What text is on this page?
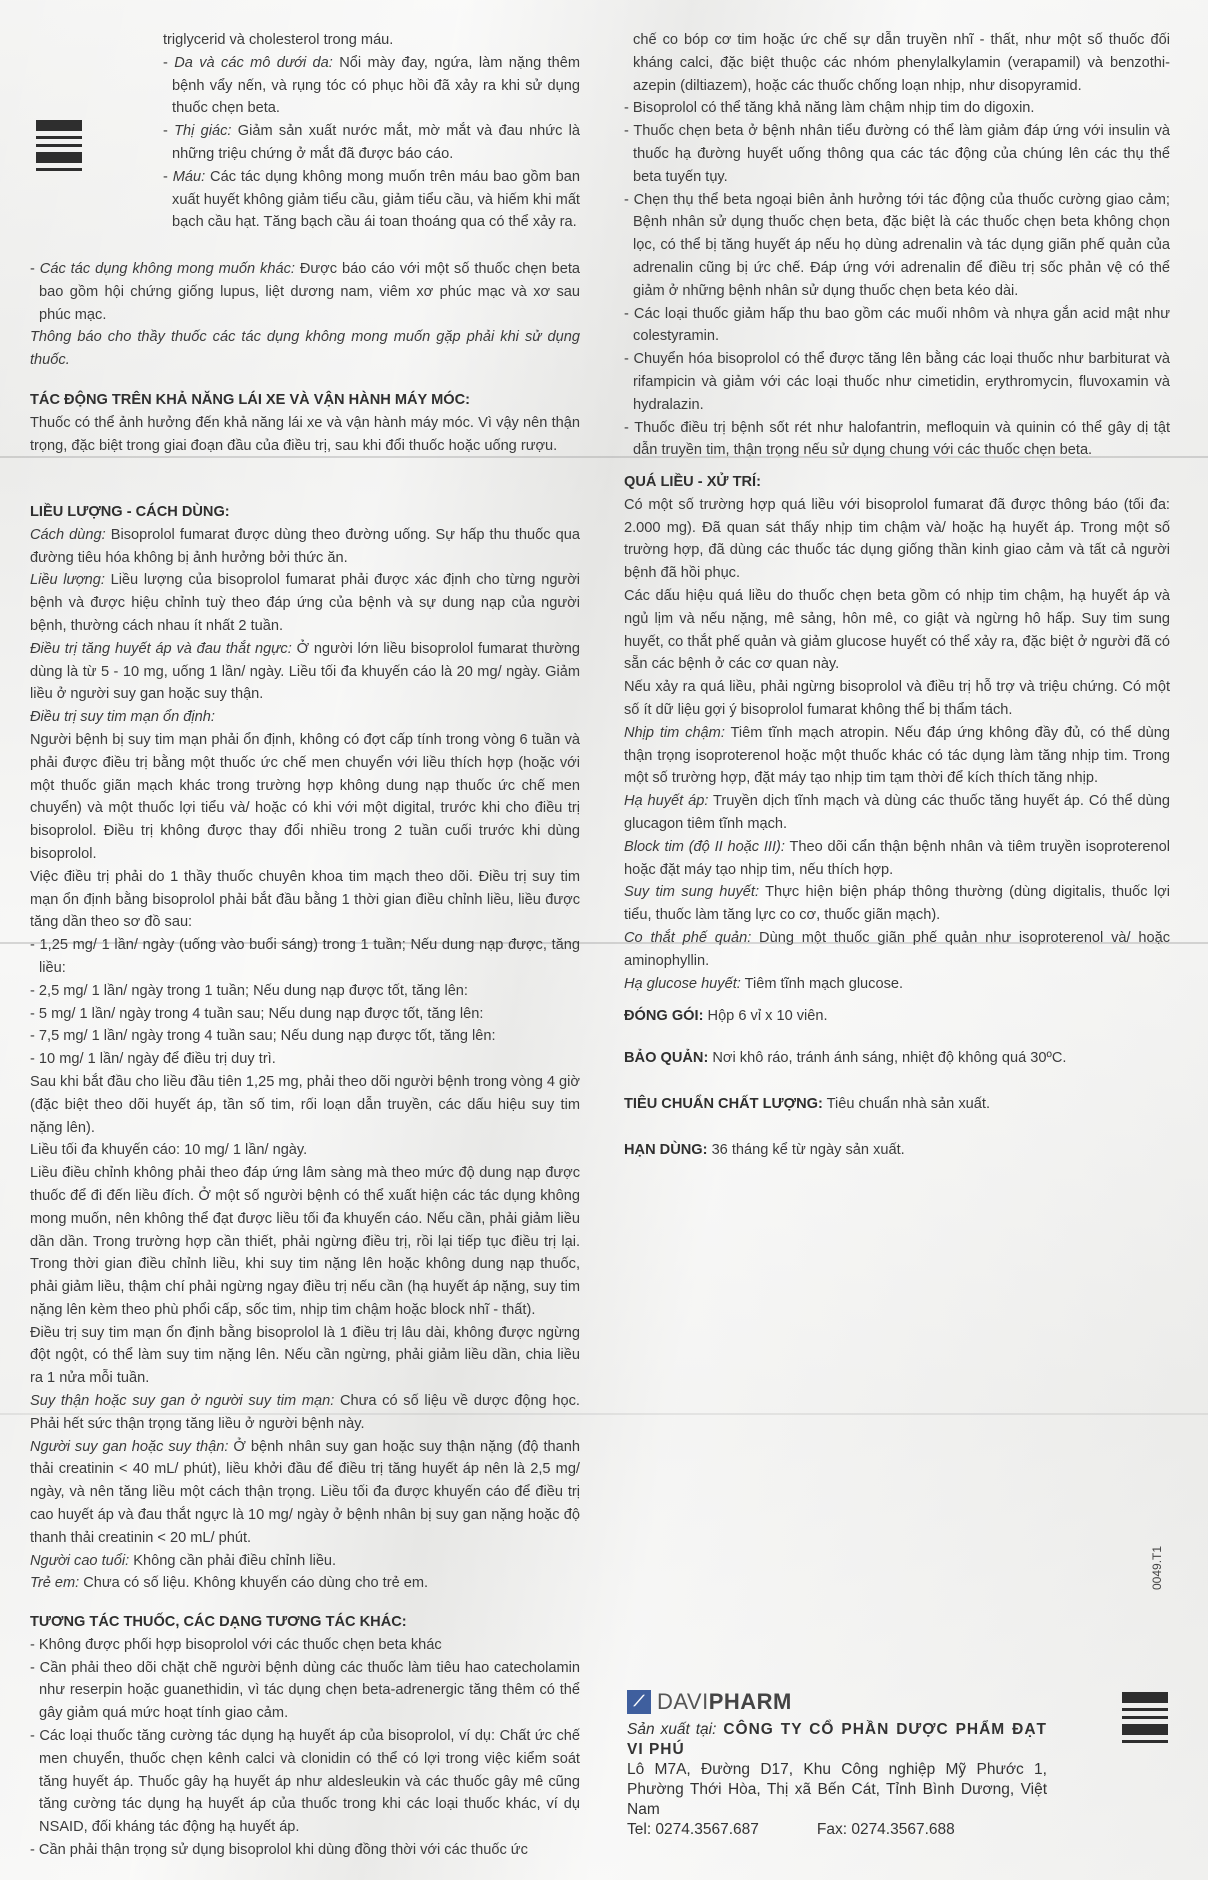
triglycerid và cholesterol trong máu.

- Da và các mô dưới da: Nổi mày đay, ngứa, làm nặng thêm bệnh vẩy nến, và rụng tóc có phục hồi đã xảy ra khi sử dụng thuốc chẹn beta.

- Thị giác: Giảm sản xuất nước mắt, mờ mắt và đau nhức là những triệu chứng ở mắt đã được báo cáo.

- Máu: Các tác dụng không mong muốn trên máu bao gồm ban xuất huyết không giảm tiểu cầu, giảm tiểu cầu, và hiếm khi mất bạch cầu hạt. Tăng bạch cầu ái toan thoáng qua có thể xảy ra.

- Các tác dụng không mong muốn khác: Được báo cáo với một số thuốc chẹn beta bao gồm hội chứng giống lupus, liệt dương nam, viêm xơ phúc mạc và xơ sau phúc mạc.

Thông báo cho thầy thuốc các tác dụng không mong muốn gặp phải khi sử dụng thuốc.

TÁC ĐỘNG TRÊN KHẢ NĂNG LÁI XE VÀ VẬN HÀNH MÁY MÓC:

Thuốc có thể ảnh hưởng đến khả năng lái xe và vận hành máy móc. Vì vậy nên thận trọng, đặc biệt trong giai đoạn đầu của điều trị, sau khi đổi thuốc hoặc uống rượu.

LIỀU LƯỢNG - CÁCH DÙNG:

Cách dùng: Bisoprolol fumarat được dùng theo đường uống. Sự hấp thu thuốc qua đường tiêu hóa không bị ảnh hưởng bởi thức ăn.

Liều lượng: Liều lượng của bisoprolol fumarat phải được xác định cho từng người bệnh và được hiệu chỉnh tuỳ theo đáp ứng của bệnh và sự dung nạp của người bệnh, thường cách nhau ít nhất 2 tuần.

Điều trị tăng huyết áp và đau thắt ngực: Ở người lớn liều bisoprolol fumarat thường dùng là từ 5 - 10 mg, uống 1 lần/ ngày. Liều tối đa khuyến cáo là 20 mg/ ngày. Giảm liều ở người suy gan hoặc suy thận.

Điều trị suy tim mạn ổn định:

Người bệnh bị suy tim mạn phải ổn định, không có đợt cấp tính trong vòng 6 tuần và phải được điều trị bằng một thuốc ức chế men chuyển với liều thích hợp (hoặc với một thuốc giãn mạch khác trong trường hợp không dung nạp thuốc ức chế men chuyển) và một thuốc lợi tiểu và/ hoặc có khi với một digital, trước khi cho điều trị bisoprolol. Điều trị không được thay đổi nhiều trong 2 tuần cuối trước khi dùng bisoprolol.

Việc điều trị phải do 1 thầy thuốc chuyên khoa tim mạch theo dõi. Điều trị suy tim mạn ổn định bằng bisoprolol phải bắt đầu bằng 1 thời gian điều chỉnh liều, liều được tăng dần theo sơ đồ sau:

- 1,25 mg/ 1 lần/ ngày (uống vào buổi sáng) trong 1 tuần; Nếu dung nạp được, tăng liều:

- 2,5 mg/ 1 lần/ ngày trong 1 tuần; Nếu dung nạp được tốt, tăng lên:

- 5 mg/ 1 lần/ ngày trong 4 tuần sau; Nếu dung nạp được tốt, tăng lên:

- 7,5 mg/ 1 lần/ ngày trong 4 tuần sau; Nếu dung nạp được tốt, tăng lên:

- 10 mg/ 1 lần/ ngày để điều trị duy trì.

Sau khi bắt đầu cho liều đầu tiên 1,25 mg, phải theo dõi người bệnh trong vòng 4 giờ (đặc biệt theo dõi huyết áp, tần số tim, rối loạn dẫn truyền, các dấu hiệu suy tim nặng lên).

Liều tối đa khuyến cáo: 10 mg/ 1 lần/ ngày.

Liều điều chỉnh không phải theo đáp ứng lâm sàng mà theo mức độ dung nạp được thuốc để đi đến liều đích. Ở một số người bệnh có thể xuất hiện các tác dụng không mong muốn, nên không thể đạt được liều tối đa khuyến cáo. Nếu cần, phải giảm liều dần dần. Trong trường hợp cần thiết, phải ngừng điều trị, rồi lại tiếp tục điều trị lại. Trong thời gian điều chỉnh liều, khi suy tim nặng lên hoặc không dung nạp thuốc, phải giảm liều, thậm chí phải ngừng ngay điều trị nếu cần (hạ huyết áp nặng, suy tim nặng lên kèm theo phù phổi cấp, sốc tim, nhịp tim chậm hoặc block nhĩ - thất).

Điều trị suy tim mạn ổn định bằng bisoprolol là 1 điều trị lâu dài, không được ngừng đột ngột, có thể làm suy tim nặng lên. Nếu cần ngừng, phải giảm liều dần, chia liều ra 1 nửa mỗi tuần.

Suy thận hoặc suy gan ở người suy tim mạn: Chưa có số liệu về dược động học. Phải hết sức thận trọng tăng liều ở người bệnh này.

Người suy gan hoặc suy thận: Ở bệnh nhân suy gan hoặc suy thận nặng (độ thanh thải creatinin < 40 mL/ phút), liều khởi đầu để điều trị tăng huyết áp nên là 2,5 mg/ ngày, và nên tăng liều một cách thận trọng. Liều tối đa được khuyến cáo để điều trị cao huyết áp và đau thắt ngực là 10 mg/ ngày ở bệnh nhân bị suy gan nặng hoặc độ thanh thải creatinin < 20 mL/ phút.

Người cao tuổi: Không cần phải điều chỉnh liều.

Trẻ em: Chưa có số liệu. Không khuyến cáo dùng cho trẻ em.

TƯƠNG TÁC THUỐC, CÁC DẠNG TƯƠNG TÁC KHÁC:

- Không được phối hợp bisoprolol với các thuốc chẹn beta khác

- Cần phải theo dõi chặt chẽ người bệnh dùng các thuốc làm tiêu hao catecholamin như reserpin hoặc guanethidin, vì tác dụng chẹn beta-adrenergic tăng thêm có thể gây giảm quá mức hoạt tính giao cảm.

- Các loại thuốc tăng cường tác dụng hạ huyết áp của bisoprolol, ví dụ: Chất ức chế men chuyển, thuốc chẹn kênh calci và clonidin có thể có lợi trong việc kiểm soát tăng huyết áp. Thuốc gây hạ huyết áp như aldesleukin và các thuốc gây mê cũng tăng cường tác dụng hạ huyết áp của thuốc trong khi các loại thuốc khác, ví dụ NSAID, đối kháng tác động hạ huyết áp.

- Cần phải thận trọng sử dụng bisoprolol khi dùng đồng thời với các thuốc ức

chế co bóp cơ tim hoặc ức chế sự dẫn truyền nhĩ - thất, như một số thuốc đối kháng calci, đặc biệt thuộc các nhóm phenylalkylamin (verapamil) và benzothi-azepin (diltiazem), hoặc các thuốc chống loạn nhịp, như disopyramid.

- Bisoprolol có thể tăng khả năng làm chậm nhịp tim do digoxin.

- Thuốc chẹn beta ở bệnh nhân tiểu đường có thể làm giảm đáp ứng với insulin và thuốc hạ đường huyết uống thông qua các tác động của chúng lên các thụ thể beta tuyến tụy.

- Chẹn thụ thể beta ngoại biên ảnh hưởng tới tác động của thuốc cường giao cảm; Bệnh nhân sử dụng thuốc chẹn beta, đặc biệt là các thuốc chẹn beta không chọn lọc, có thể bị tăng huyết áp nếu họ dùng adrenalin và tác dụng giãn phế quản của adrenalin cũng bị ức chế. Đáp ứng với adrenalin để điều trị sốc phản vệ có thể giảm ở những bệnh nhân sử dụng thuốc chẹn beta kéo dài.

- Các loại thuốc giảm hấp thu bao gồm các muối nhôm và nhựa gắn acid mật như colestyramin.

- Chuyển hóa bisoprolol có thể được tăng lên bằng các loại thuốc như barbiturat và rifampicin và giảm với các loại thuốc như cimetidin, erythromycin, fluvoxamin và hydralazin.

- Thuốc điều trị bệnh sốt rét như halofantrin, mefloquin và quinin có thể gây dị tật dẫn truyền tim, thận trọng nếu sử dụng chung với các thuốc chẹn beta.

QUÁ LIỀU - XỬ TRÍ:

Có một số trường hợp quá liều với bisoprolol fumarat đã được thông báo (tối đa: 2.000 mg). Đã quan sát thấy nhịp tim chậm và/ hoặc hạ huyết áp. Trong một số trường hợp, đã dùng các thuốc tác dụng giống thần kinh giao cảm và tất cả người bệnh đã hồi phục.

Các dấu hiệu quá liều do thuốc chẹn beta gồm có nhịp tim chậm, hạ huyết áp và ngủ lịm và nếu nặng, mê sảng, hôn mê, co giật và ngừng hô hấp. Suy tim sung huyết, co thắt phế quản và giảm glucose huyết có thể xảy ra, đặc biệt ở người đã có sẵn các bệnh ở các cơ quan này.

Nếu xảy ra quá liều, phải ngừng bisoprolol và điều trị hỗ trợ và triệu chứng. Có một số ít dữ liệu gợi ý bisoprolol fumarat không thể bị thẩm tách.

Nhịp tim chậm: Tiêm tĩnh mạch atropin. Nếu đáp ứng không đầy đủ, có thể dùng thận trọng isoproterenol hoặc một thuốc khác có tác dụng làm tăng nhịp tim. Trong một số trường hợp, đặt máy tạo nhịp tim tạm thời để kích thích tăng nhịp.

Hạ huyết áp: Truyền dịch tĩnh mạch và dùng các thuốc tăng huyết áp. Có thể dùng glucagon tiêm tĩnh mạch.

Block tim (độ II hoặc III): Theo dõi cẩn thận bệnh nhân và tiêm truyền isoproterenol hoặc đặt máy tạo nhịp tim, nếu thích hợp.

Suy tim sung huyết: Thực hiện biện pháp thông thường (dùng digitalis, thuốc lợi tiểu, thuốc làm tăng lực co cơ, thuốc giãn mạch).

Co thắt phế quản: Dùng một thuốc giãn phế quản như isoproterenol và/ hoặc aminophyllin.

Hạ glucose huyết: Tiêm tĩnh mạch glucose.

ĐÓNG GÓI: Hộp 6 vỉ x 10 viên.
BẢO QUẢN: Nơi khô ráo, tránh ánh sáng, nhiệt độ không quá 30ºC.
TIÊU CHUẨN CHẤT LƯỢNG: Tiêu chuẩn nhà sản xuất.
HẠN DÙNG: 36 tháng kể từ ngày sản xuất.
0049.T1
⟋ DAVIPHARM
Sản xuất tại: CÔNG TY CỔ PHẦN DƯỢC PHẨM ĐẠT VI PHÚ
Lô M7A, Đường D17, Khu Công nghiệp Mỹ Phước 1, Phường Thới Hòa, Thị xã Bến Cát, Tỉnh Bình Dương, Việt Nam
Tel: 0274.3567.687	Fax: 0274.3567.688
